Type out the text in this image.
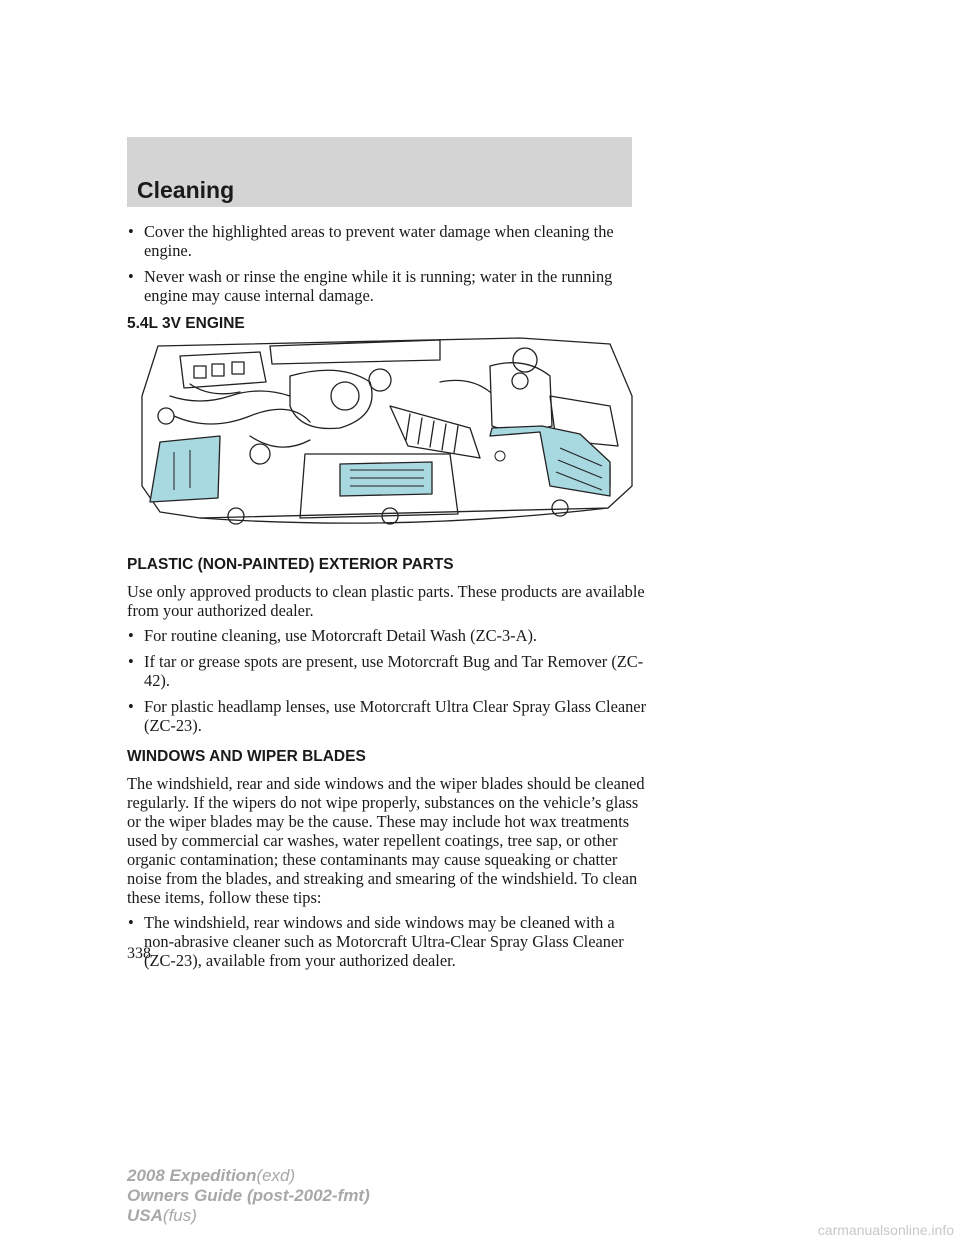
Cleaning
• Cover the highlighted areas to prevent water damage when cleaning the engine.
• Never wash or rinse the engine while it is running; water in the running engine may cause internal damage.
5.4L 3V ENGINE
PLASTIC (NON-PAINTED) EXTERIOR PARTS
Use only approved products to clean plastic parts. These products are available from your authorized dealer.
• For routine cleaning, use Motorcraft Detail Wash (ZC-3-A).
• If tar or grease spots are present, use Motorcraft Bug and Tar Remover (ZC-42).
• For plastic headlamp lenses, use Motorcraft Ultra Clear Spray Glass Cleaner (ZC-23).
WINDOWS AND WIPER BLADES
The windshield, rear and side windows and the wiper blades should be cleaned regularly. If the wipers do not wipe properly, substances on the vehicle’s glass or the wiper blades may be the cause. These may include hot wax treatments used by commercial car washes, water repellent coatings, tree sap, or other organic contamination; these contaminants may cause squeaking or chatter noise from the blades, and streaking and smearing of the windshield. To clean these items, follow these tips:
• The windshield, rear windows and side windows may be cleaned with a non-abrasive cleaner such as Motorcraft Ultra-Clear Spray Glass Cleaner (ZC-23), available from your authorized dealer.
338
2008 Expedition(exd)
Owners Guide (post-2002-fmt)
USA(fus)
carmanualsonline.info
